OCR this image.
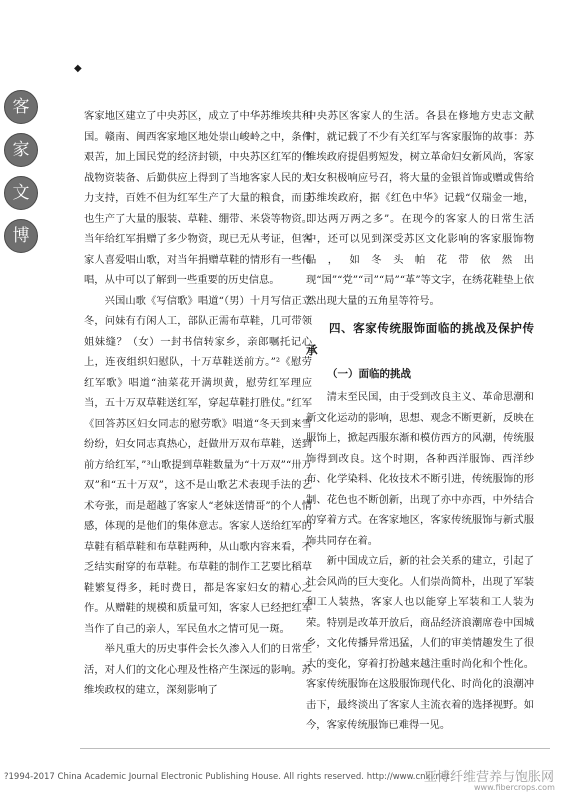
◆
客
家
文
博

客家地区建立了中央苏区，成立了中华苏维埃共和国。赣南、闽西客家地区地处崇山峻岭之中，条件艰苦，加上国民党的经济封锁，中央苏区红军的作战物资装备、后勤供应上得到了当地客家人民的大力支持，百姓不但为红军生产了大量的粮食，而且也生产了大量的服装、草鞋、绷带、米袋等物资。当年给红军捐赠了多少物资，现已无从考证，但客家人喜爱唱山歌，对当年捐赠草鞋的情形有一些传唱，从中可以了解到一些重要的历史信息。

兴国山歌《写信歌》唱道“（男）十月写信正立冬，问妹有冇闲人工，部队正需布草鞋，几可带领姐妹缝？（女）一封书信转家乡，亲郎嘱托记心上，连夜组织妇慰队，十万草鞋送前方。”²《慰劳红军歌》唱道“油菜花开满坝黄，慰劳红军理应当，五十万双草鞋送红军，穿起草鞋打胜仗。”红军《回答苏区妇女同志的慰劳歌》唱道“冬天到来雪纷纷，妇女同志真热心，赶做卅万双布草鞋，送到前方给红军，”³山歌提到草鞋数量为“十万双”“卅万双”和“五十万双”，这不是山歌艺术表现手法的艺术夸张，而是超越了客家人“老妹送情哥”的个人情感，体现的是他们的集体意志。客家人送给红军的草鞋有稻草鞋和布草鞋两种，从山歌内容来看，不乏结实耐穿的布草鞋。布草鞋的制作工艺要比稻草鞋繁复得多，耗时费日，都是客家妇女的精心之作。从赠鞋的规模和质量可知，客家人已经把红军当作了自己的亲人，军民鱼水之情可见一斑。

举凡重大的历史事件会长久渗入人们的日常生活，对人们的文化心理及性格产生深远的影响。苏维埃政权的建立，深刻影响了

中央苏区客家人的生活。各县在修地方史志文献时，就记载了不少有关红军与客家服饰的故事：苏维埃政府提倡剪短发，树立革命妇女新风尚，客家妇女积极响应号召，将大量的金银首饰或赠或售给苏维埃政府，据《红色中华》记载“仅瑞金一地，即达两万两之多”。在现今的客家人的日常生活中，还可以见到深受苏区文化影响的客家服饰物品，如冬头帕花带依然出现“国”“党”“司”“局”“革”等文字，在绣花鞋垫上依然出现大量的五角星等符号。

四、客家传统服饰面临的挑战及保护传承
（一）面临的挑战

清末至民国，由于受到改良主义、革命思潮和新文化运动的影响，思想、观念不断更新，反映在服饰上，掀起西服东渐和模仿西方的风潮，传统服饰得到改良。这个时期，各种西洋服饰、西洋纱布、化学染料、化妆技术不断引进，传统服饰的形制、花色也不断创新，出现了亦中亦西，中外结合的穿着方式。在客家地区，客家传统服饰与新式服饰共同存在着。

新中国成立后，新的社会关系的建立，引起了社会风尚的巨大变化。人们崇尚简朴，出现了军装和工人装热，客家人也以能穿上军装和工人装为荣。特别是改革开放后，商品经济浪潮席卷中国城乡，文化传播异常迅猛，人们的审美情趣发生了很大的变化，穿着打扮越来越注重时尚化和个性化。客家传统服饰在这股服饰现代化、时尚化的浪潮冲击下，最终淡出了客家人主流衣着的选择视野。如今，客家传统服饰已难得一见。

?1994-2017 China Academic Journal Electronic Publishing House. All rights reserved. http://www.cnki.net
亚博纤维营养与饱胀网
www.fibercrops.com
